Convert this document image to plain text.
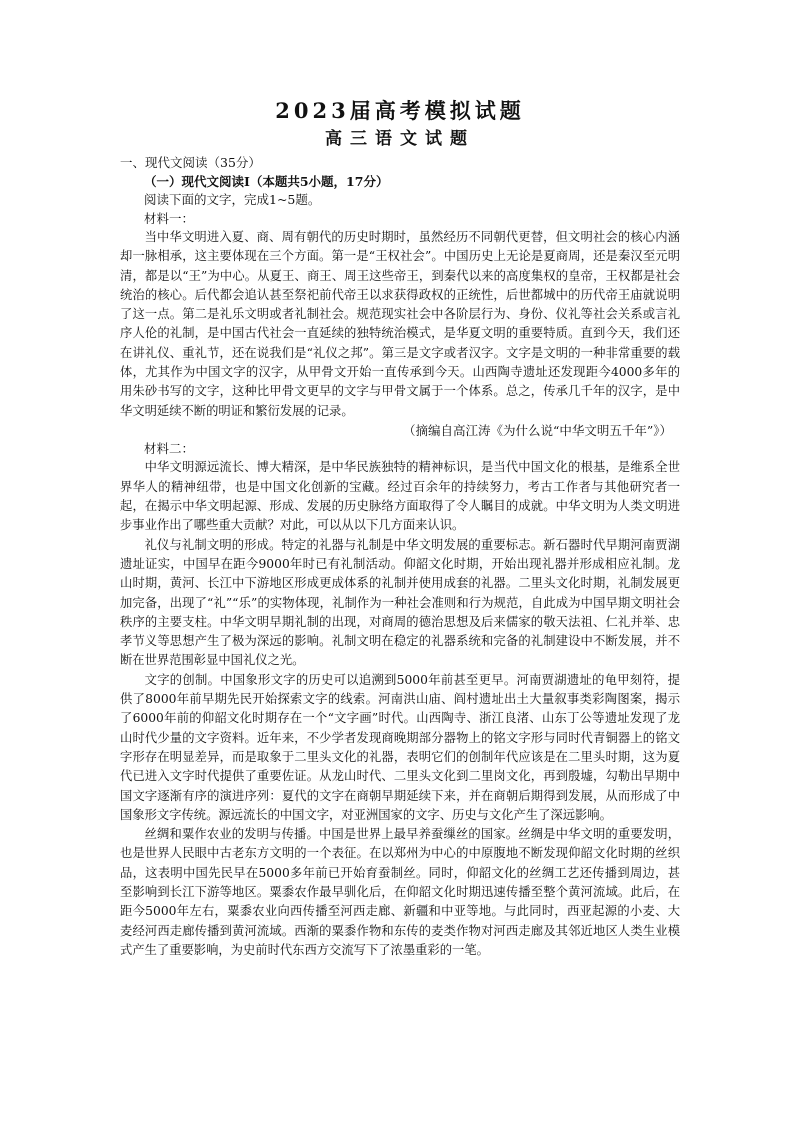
2023届高考模拟试题
高三语文试题

一、现代文阅读（35分）

（一）现代文阅读Ⅰ（本题共5小题，17分）

阅读下面的文字，完成1~5题。

材料一：

当中华文明进入夏、商、周有朝代的历史时期时，虽然经历不同朝代更替，但文明社会的核心内涵却一脉相承，这主要体现在三个方面。第一是“王权社会”。中国历史上无论是夏商周，还是秦汉至元明清，都是以“王”为中心。从夏王、商王、周王这些帝王，到秦代以来的高度集权的皇帝，王权都是社会统治的核心。后代都会追认甚至祭祀前代帝王以求获得政权的正统性，后世都城中的历代帝王庙就说明了这一点。第二是礼乐文明或者礼制社会。规范现实社会中各阶层行为、身份、仪礼等社会关系或言礼序人伦的礼制，是中国古代社会一直延续的独特统治模式，是华夏文明的重要特质。直到今天，我们还在讲礼仪、重礼节，还在说我们是“礼仪之邦”。第三是文字或者汉字。文字是文明的一种非常重要的载体，尤其作为中国文字的汉字，从甲骨文开始一直传承到今天。山西陶寺遗址还发现距今4000多年的用朱砂书写的文字，这种比甲骨文更早的文字与甲骨文属于一个体系。总之，传承几千年的汉字，是中华文明延续不断的明证和繁衍发展的记录。

（摘编自高江涛《为什么说“中华文明五千年”》）

材料二：

中华文明源远流长、博大精深，是中华民族独特的精神标识，是当代中国文化的根基，是维系全世界华人的精神纽带，也是中国文化创新的宝藏。经过百余年的持续努力，考古工作者与其他研究者一起，在揭示中华文明起源、形成、发展的历史脉络方面取得了令人瞩目的成就。中华文明为人类文明进步事业作出了哪些重大贡献？对此，可以从以下几方面来认识。

礼仪与礼制文明的形成。特定的礼器与礼制是中华文明发展的重要标志。新石器时代早期河南贾湖遗址证实，中国早在距今9000年时已有礼制活动。仰韶文化时期，开始出现礼器并形成相应礼制。龙山时期，黄河、长江中下游地区形成更成体系的礼制并使用成套的礼器。二里头文化时期，礼制发展更加完备，出现了“礼”“乐”的实物体现，礼制作为一种社会准则和行为规范，自此成为中国早期文明社会秩序的主要支柱。中华文明早期礼制的出现，对商周的德治思想及后来儒家的敬天法祖、仁礼并举、忠孝节义等思想产生了极为深远的影响。礼制文明在稳定的礼器系统和完备的礼制建设中不断发展，并不断在世界范围彰显中国礼仪之光。

文字的创制。中国象形文字的历史可以追溯到5000年前甚至更早。河南贾湖遗址的龟甲刻符，提供了8000年前早期先民开始探索文字的线索。河南洪山庙、阎村遗址出土大量叙事类彩陶图案，揭示了6000年前的仰韶文化时期存在一个“文字画”时代。山西陶寺、浙江良渚、山东丁公等遗址发现了龙山时代少量的文字资料。近年来，不少学者发现商晚期部分器物上的铭文字形与同时代青铜器上的铭文字形存在明显差异，而是取象于二里头文化的礼器，表明它们的创制年代应该是在二里头时期，这为夏代已进入文字时代提供了重要佐证。从龙山时代、二里头文化到二里岗文化，再到殷墟，勾勒出早期中国文字逐渐有序的演进序列：夏代的文字在商朝早期延续下来，并在商朝后期得到发展，从而形成了中国象形文字传统。源远流长的中国文字，对亚洲国家的文字、历史与文化产生了深远影响。

丝绸和粟作农业的发明与传播。中国是世界上最早养蚕缫丝的国家。丝绸是中华文明的重要发明，也是世界人民眼中古老东方文明的一个表征。在以郑州为中心的中原腹地不断发现仰韶文化时期的丝织品，这表明中国先民早在5000多年前已开始育蚕制丝。同时，仰韶文化的丝绸工艺还传播到周边，甚至影响到长江下游等地区。粟黍农作最早驯化后，在仰韶文化时期迅速传播至整个黄河流域。此后，在距今5000年左右，粟黍农业向西传播至河西走廊、新疆和中亚等地。与此同时，西亚起源的小麦、大麦经河西走廊传播到黄河流域。西渐的粟黍作物和东传的麦类作物对河西走廊及其邻近地区人类生业模式产生了重要影响，为史前时代东西方交流写下了浓墨重彩的一笔。
